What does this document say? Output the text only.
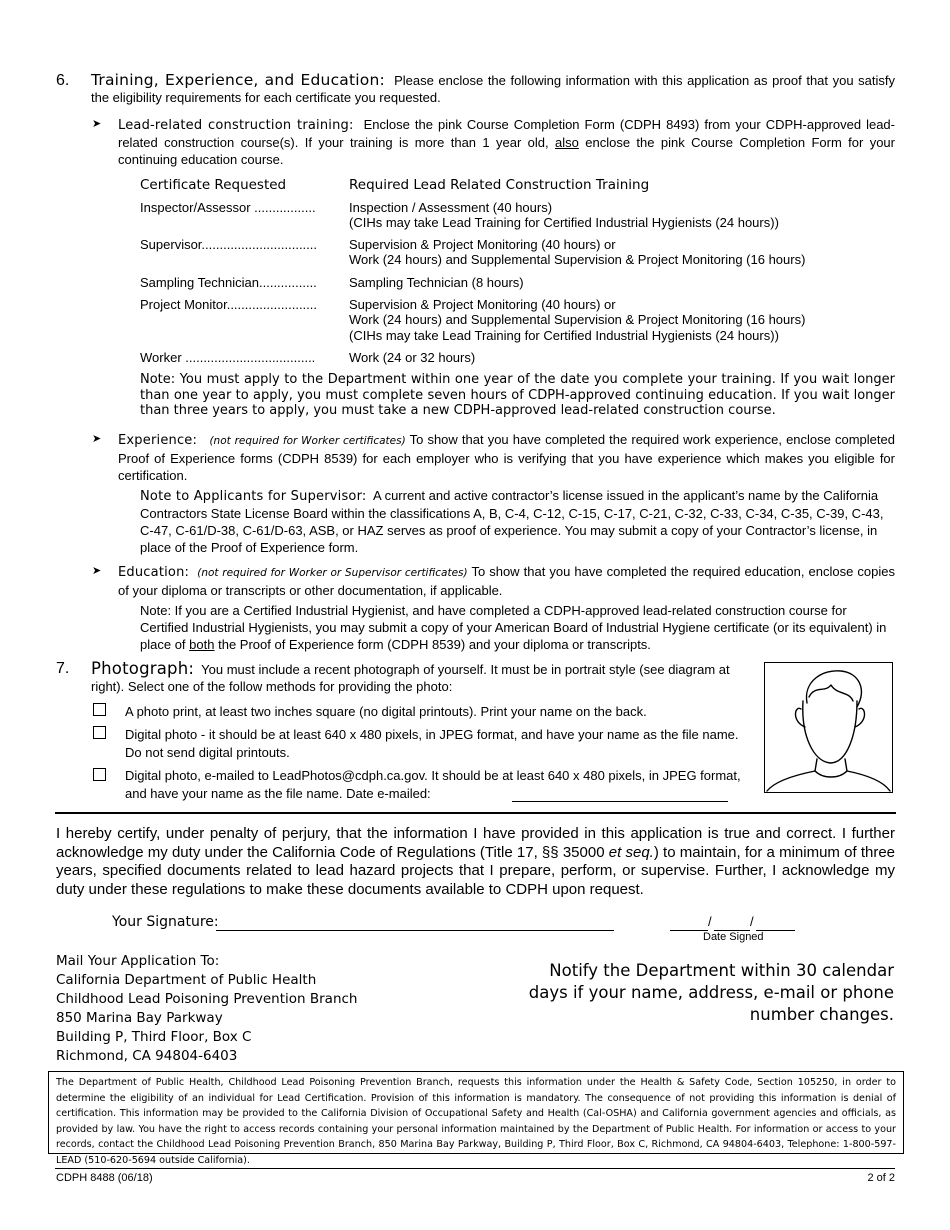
6. Training, Experience, and Education: Please enclose the following information with this application as proof that you satisfy the eligibility requirements for each certificate you requested.
➤ Lead-related construction training: Enclose the pink Course Completion Form (CDPH 8493) from your CDPH-approved lead-related construction course(s). If your training is more than 1 year old, also enclose the pink Course Completion Form for your continuing education course.
Certificate Requested	Required Lead Related Construction Training
Inspector/Assessor .................	Inspection / Assessment (40 hours)
(CIHs may take Lead Training for Certified Industrial Hygienists (24 hours))
Supervisor................................ Supervision & Project Monitoring (40 hours) or
Work (24 hours) and Supplemental Supervision & Project Monitoring (16 hours)
Sampling Technician................ Sampling Technician (8 hours)
Project Monitor......................... Supervision & Project Monitoring (40 hours) or
Work (24 hours) and Supplemental Supervision & Project Monitoring (16 hours)
(CIHs may take Lead Training for Certified Industrial Hygienists (24 hours))
Worker ....................................	Work (24 or 32 hours)
Note: You must apply to the Department within one year of the date you complete your training. If you wait longer than one year to apply, you must complete seven hours of CDPH-approved continuing education. If you wait longer than three years to apply, you must take a new CDPH-approved lead-related construction course.
➤ Experience: (not required for Worker certificates) To show that you have completed the required work experience, enclose completed Proof of Experience forms (CDPH 8539) for each employer who is verifying that you have experience which makes you eligible for certification.
Note to Applicants for Supervisor: A current and active contractor’s license issued in the applicant’s name by the California Contractors State License Board within the classifications A, B, C-4, C-12, C-15, C-17, C-21, C-32, C-33, C-34, C-35, C-39, C-43, C-47, C-61/D-38, C-61/D-63, ASB, or HAZ serves as proof of experience. You may submit a copy of your Contractor’s license, in place of the Proof of Experience form.
➤ Education: (not required for Worker or Supervisor certificates) To show that you have completed the required education, enclose copies of your diploma or transcripts or other documentation, if applicable.
Note: If you are a Certified Industrial Hygienist, and have completed a CDPH-approved lead-related construction course for Certified Industrial Hygienists, you may submit a copy of your American Board of Industrial Hygiene certificate (or its equivalent) in place of both the Proof of Experience form (CDPH 8539) and your diploma or transcripts.
7. Photograph: You must include a recent photograph of yourself. It must be in portrait style (see diagram at right). Select one of the follow methods for providing the photo:
A photo print, at least two inches square (no digital printouts). Print your name on the back.
Digital photo - it should be at least 640 x 480 pixels, in JPEG format, and have your name as the file name. Do not send digital printouts.
Digital photo, e-mailed to LeadPhotos@cdph.ca.gov. It should be at least 640 x 480 pixels, in JPEG format, and have your name as the file name. Date e-mailed:
I hereby certify, under penalty of perjury, that the information I have provided in this application is true and correct. I further acknowledge my duty under the California Code of Regulations (Title 17, §§ 35000 et seq.) to maintain, for a minimum of three years, specified documents related to lead hazard projects that I prepare, perform, or supervise. Further, I acknowledge my duty under these regulations to make these documents available to CDPH upon request.
Your Signature:	/	/
Date Signed
Mail Your Application To:
California Department of Public Health
Childhood Lead Poisoning Prevention Branch
850 Marina Bay Parkway
Building P, Third Floor, Box C
Richmond, CA 94804-6403
Notify the Department within 30 calendar days if your name, address, e-mail or phone number changes.
The Department of Public Health, Childhood Lead Poisoning Prevention Branch, requests this information under the Health & Safety Code, Section 105250, in order to determine the eligibility of an individual for Lead Certification. Provision of this information is mandatory. The consequence of not providing this information is denial of certification. This information may be provided to the California Division of Occupational Safety and Health (Cal-OSHA) and California government agencies and officials, as provided by law. You have the right to access records containing your personal information maintained by the Department of Public Health. For information or access to your records, contact the Childhood Lead Poisoning Prevention Branch, 850 Marina Bay Parkway, Building P, Third Floor, Box C, Richmond, CA 94804-6403, Telephone: 1-800-597-LEAD (510-620-5694 outside California).
CDPH 8488 (06/18)	2 of 2
